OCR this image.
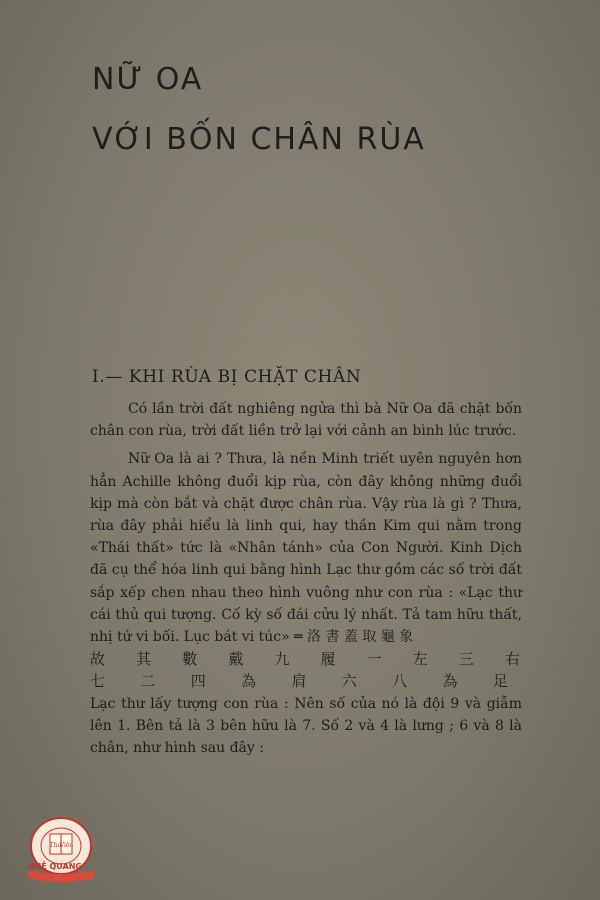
NỮ OA
VỚI BỐN CHÂN RÙA
I.— KHI RÙA BỊ CHẶT CHÂN

Có lần trời đất nghiêng ngửa thì bà Nữ Oa đã chặt bốn chân con rùa, trời đất liền trở lại với cảnh an bình lúc trước.

Nữ Oa là ai ? Thưa, là nền Minh triết uyên nguyên hơn hẳn Achille không đuổi kịp rùa, còn đây không những đuổi kịp mà còn bắt và chặt được chân rùa. Vậy rùa là gì ? Thưa, rùa đây phải hiểu là linh qui, hay thần Kim qui nằm trong «Thái thất» tức là «Nhân tánh» của Con Người. Kinh Dịch đã cụ thể hóa linh qui bằng hình Lạc thư gồm các số trời đất sắp xếp chen nhau theo hình vuông như con rùa : «Lạc thư cái thủ qui tượng. Cố kỳ số đái cửu lý nhất. Tả tam hữu thất, nhị tứ vi bối. Lục bát vi túc» ═ 洛 書 蓋 取 龜 象

故 其 數 戴 九 履 一 左 三 右
七 二 四 為 肩 六 八 為 足

Lạc thư lấy tượng con rùa : Nên số của nó là đội 9 và giẫm lên 1. Bên tả là 3 bên hữu là 7. Số 2 và 4 là lưng ; 6 và 8 là chân, như hình sau đây :

Thư
Viện
HUỆ QUANG
